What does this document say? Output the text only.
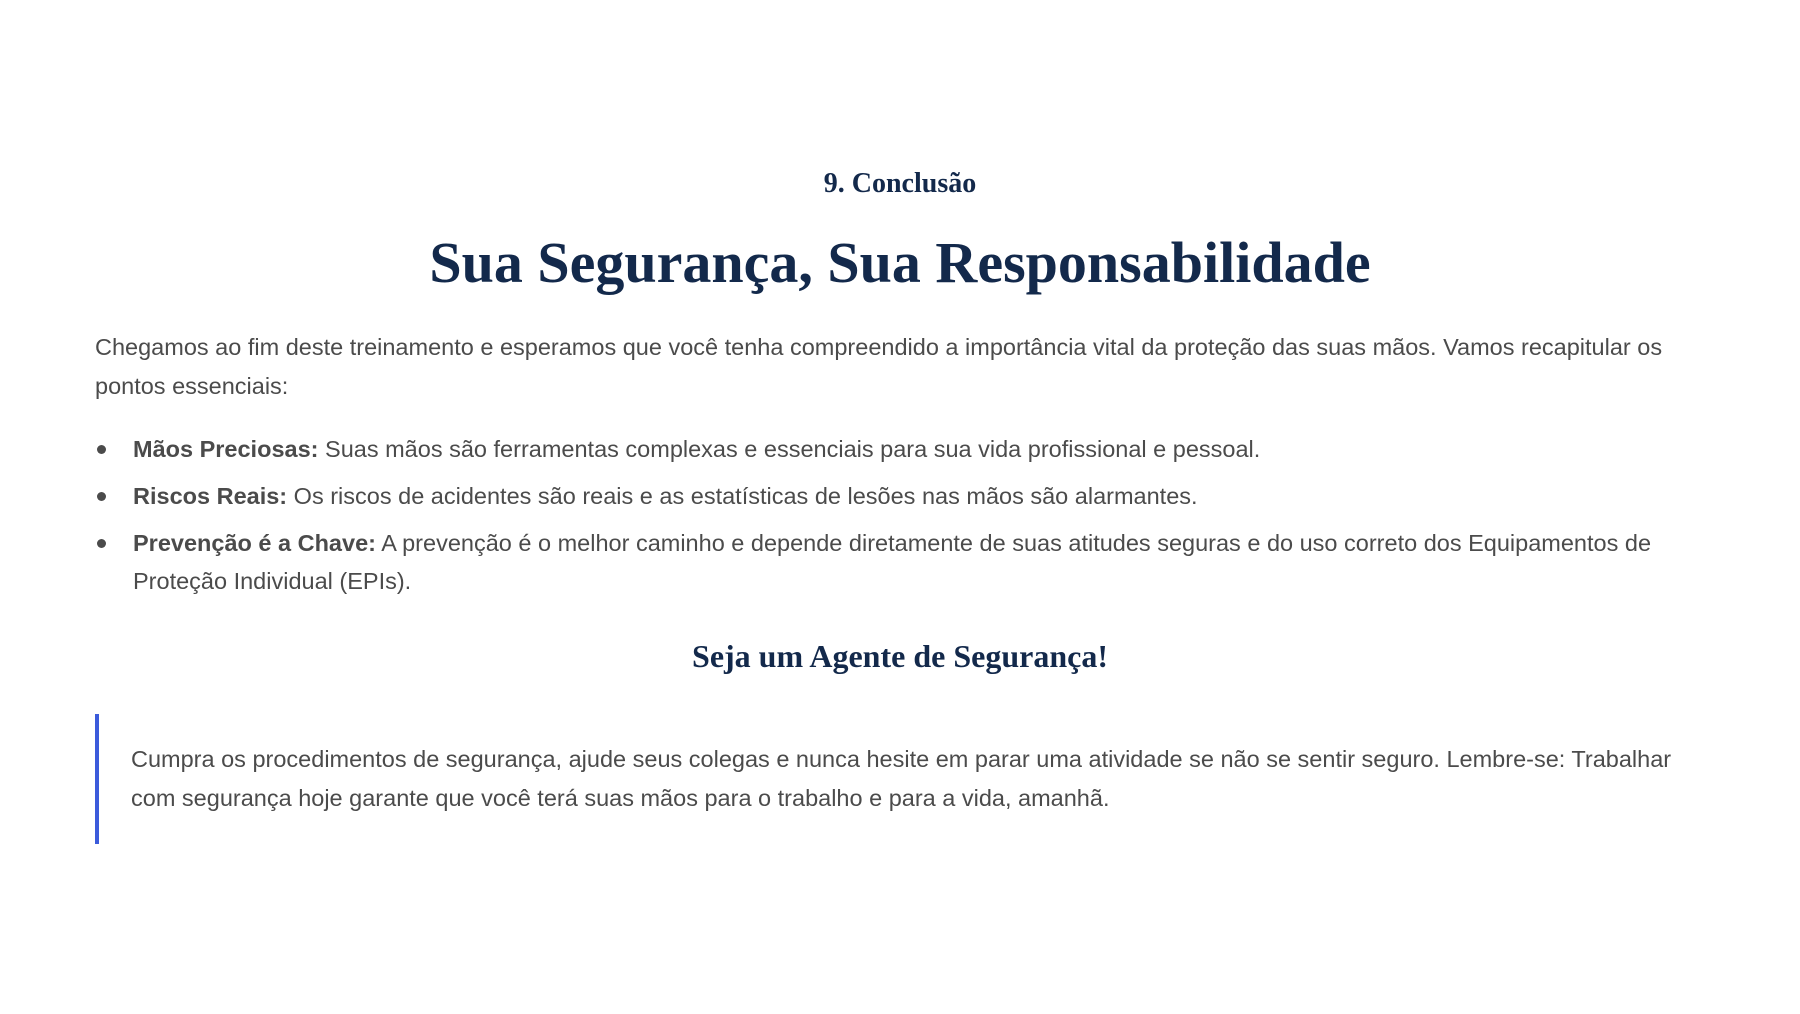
9. Conclusão
Sua Segurança, Sua Responsabilidade

Chegamos ao fim deste treinamento e esperamos que você tenha compreendido a importância vital da proteção das suas mãos. Vamos recapitular os pontos essenciais:

Mãos Preciosas: Suas mãos são ferramentas complexas e essenciais para sua vida profissional e pessoal.
Riscos Reais: Os riscos de acidentes são reais e as estatísticas de lesões nas mãos são alarmantes.
Prevenção é a Chave: A prevenção é o melhor caminho e depende diretamente de suas atitudes seguras e do uso correto dos Equipamentos de Proteção Individual (EPIs).
Seja um Agente de Segurança!

Cumpra os procedimentos de segurança, ajude seus colegas e nunca hesite em parar uma atividade se não se sentir seguro. Lembre-se: Trabalhar com segurança hoje garante que você terá suas mãos para o trabalho e para a vida, amanhã.
